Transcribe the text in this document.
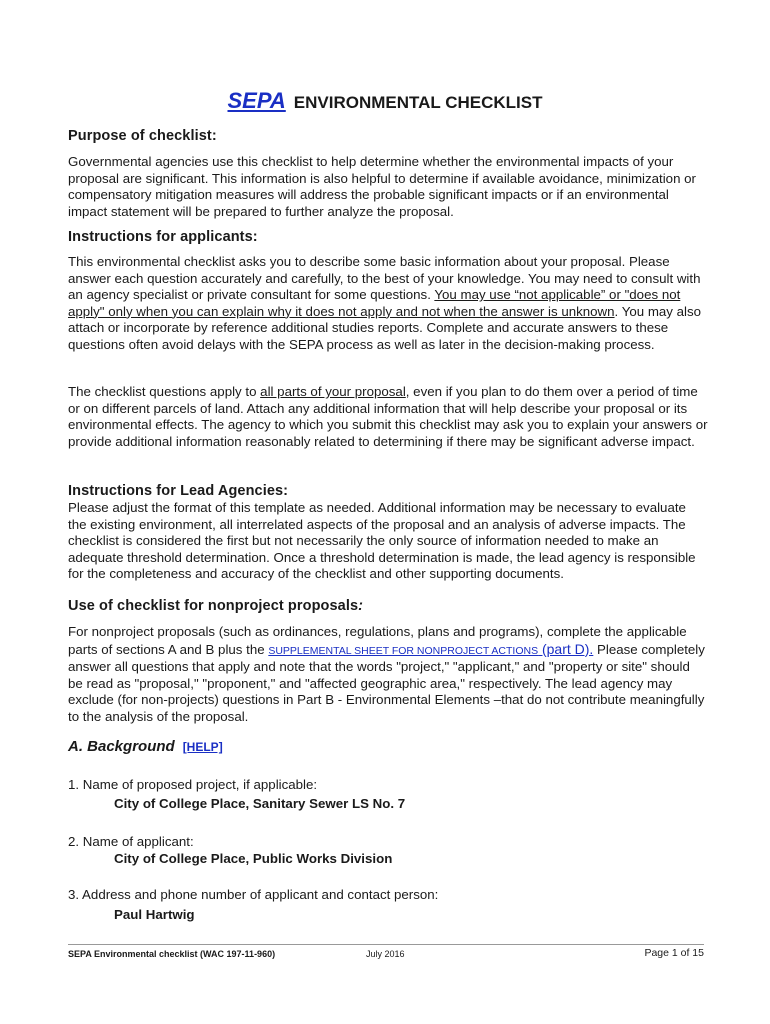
SEPA ENVIRONMENTAL CHECKLIST
Purpose of checklist:

Governmental agencies use this checklist to help determine whether the environmental impacts of your proposal are significant. This information is also helpful to determine if available avoidance, minimization or compensatory mitigation measures will address the probable significant impacts or if an environmental impact statement will be prepared to further analyze the proposal.

Instructions for applicants:

This environmental checklist asks you to describe some basic information about your proposal. Please answer each question accurately and carefully, to the best of your knowledge. You may need to consult with an agency specialist or private consultant for some questions. You may use “not applicable” or "does not apply" only when you can explain why it does not apply and not when the answer is unknown. You may also attach or incorporate by reference additional studies reports. Complete and accurate answers to these questions often avoid delays with the SEPA process as well as later in the decision-making process.

The checklist questions apply to all parts of your proposal, even if you plan to do them over a period of time or on different parcels of land. Attach any additional information that will help describe your proposal or its environmental effects. The agency to which you submit this checklist may ask you to explain your answers or provide additional information reasonably related to determining if there may be significant adverse impact.

Instructions for Lead Agencies:

Please adjust the format of this template as needed. Additional information may be necessary to evaluate the existing environment, all interrelated aspects of the proposal and an analysis of adverse impacts. The checklist is considered the first but not necessarily the only source of information needed to make an adequate threshold determination. Once a threshold determination is made, the lead agency is responsible for the completeness and accuracy of the checklist and other supporting documents.

Use of checklist for nonproject proposals:

For nonproject proposals (such as ordinances, regulations, plans and programs), complete the applicable parts of sections A and B plus the SUPPLEMENTAL SHEET FOR NONPROJECT ACTIONS (part D). Please completely answer all questions that apply and note that the words "project," "applicant," and "property or site" should be read as "proposal," "proponent," and "affected geographic area," respectively. The lead agency may exclude (for non-projects) questions in Part B - Environmental Elements –that do not contribute meaningfully to the analysis of the proposal.

A. Background [HELP]
1. Name of proposed project, if applicable:
City of College Place, Sanitary Sewer LS No. 7
2. Name of applicant:
City of College Place, Public Works Division
3. Address and phone number of applicant and contact person:
Paul Hartwig
SEPA Environmental checklist (WAC 197-11-960)	July 2016	Page 1 of 15
